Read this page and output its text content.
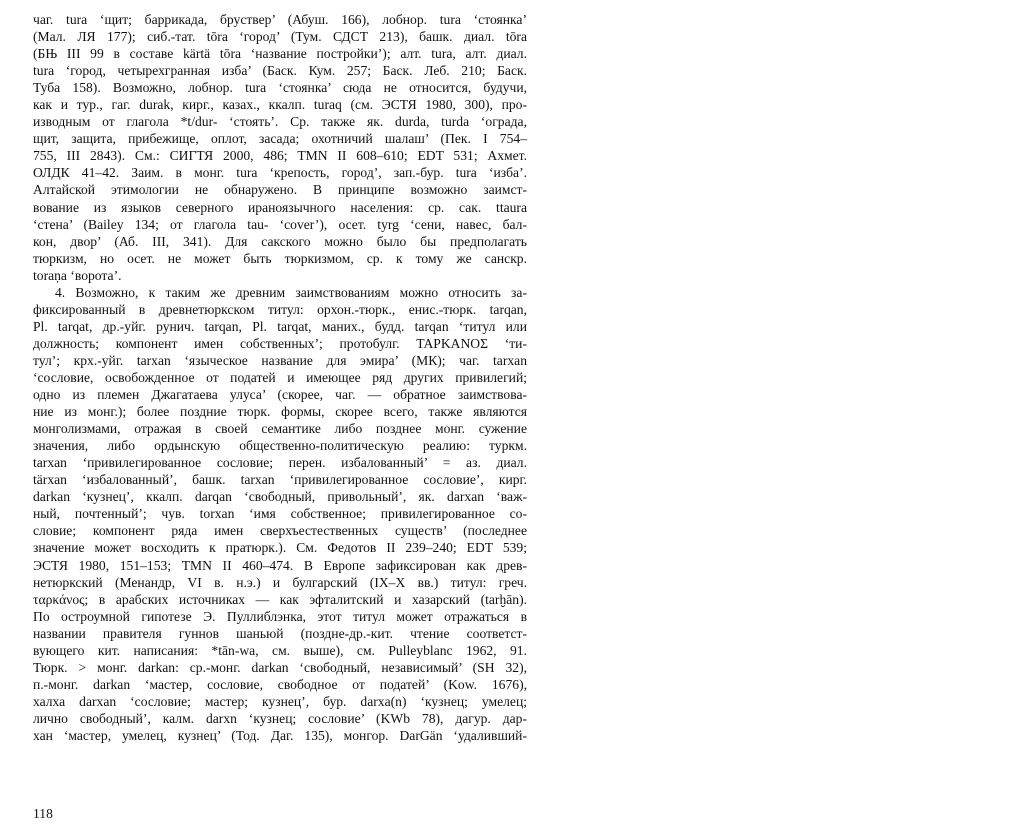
чаг. tura ‘щит; баррикада, бруствер’ (Абуш. 166), лобнор. tura ‘стоянка’
(Мал. ЛЯ 177); сиб.-тат. tōra ‘город’ (Тум. СДСТ 213), башк. диал. tōra
(БЊ III 99 в составе kärtä tōra ‘название постройки’); алт. tura, алт. диал.
tura ‘город, четырехгранная изба’ (Баск. Кум. 257; Баск. Леб. 210; Баск.
Туба 158). Возможно, лобнор. tura ‘стоянка’ сюда не относится, будучи,
как и тур., гаг. durak, кирг., казах., ккалп. turaq (см. ЭСТЯ 1980, 300), про-
изводным от глагола *t/dur- ‘стоять’. Ср. также як. durda, turda ‘ограда,
щит, защита, прибежище, оплот, засада; охотничий шалаш’ (Пек. I 754–
755, III 2843). См.: СИГТЯ 2000, 486; TMN II 608–610; EDT 531; Ахмет.
ОЛДК 41–42. Заим. в монг. tura ‘крепость, город’, зап.-бур. tura ‘изба’.
Алтайской этимологии не обнаружено. В принципе возможно заимст-
вование из языков северного ираноязычного населения: ср. сак. ttaura
‘стена’ (Bailey 134; от глагола tau- ‘cover’), осет. tyrg ‘сени, навес, бал-
кон, двор’ (Аб. III, 341). Для сакского можно было бы предполагать
тюркизм, но осет. не может быть тюркизмом, ср. к тому же санскр.
toraṇa ‘ворота’.
4. Возможно, к таким же древним заимствованиям можно относить за-
фиксированный в древнетюркском титул: орхон.-тюрк., енис.-тюрк. tarqan,
Pl. tarqat, др.-уйг. рунич. tarqan, Pl. tarqat, маних., будд. tarqan ‘титул или
должность; компонент имен собственных’; протобулг. ΤΑΡΚΑΝΟΣ ‘ти-
тул’; крх.-уйг. tarxan ‘языческое название для эмира’ (МК); чаг. tarxan
‘сословие, освобожденное от податей и имеющее ряд других привилегий;
одно из племен Джагатаева улуса’ (скорее, чаг. — обратное заимствова-
ние из монг.); более поздние тюрк. формы, скорее всего, также являются
монголизмами, отражая в своей семантике либо позднее монг. сужение
значения, либо ордынскую общественно-политическую реалию: туркм.
tarxan ‘привилегированное сословие; перен. избалованный’ = аз. диал.
tärxan ‘избалованный’, башк. tarxan ‘привилегированное сословие’, кирг.
darkan ‘кузнец’, ккалп. darqan ‘свободный, привольный’, як. darxan ‘важ-
ный, почтенный’; чув. torxan ‘имя собственное; привилегированное со-
словие; компонент ряда имен сверхъестественных существ’ (последнее
значение может восходить к пратюрк.). См. Федотов II 239–240; EDT 539;
ЭСТЯ 1980, 151–153; TMN II 460–474. В Европе зафиксирован как древ-
нетюркский (Менандр, VI в. н.э.) и булгарский (IX–X вв.) титул: греч.
ταρκάνος; в арабских источниках — как эфталитский и хазарский (tarḫān).
По остроумной гипотезе Э. Пуллиблэнка, этот титул может отражаться в
названии правителя гуннов шаньюй (поздне-др.-кит. чтение соответст-
вующего кит. написания: *tān-wa, см. выше), см. Pulleyblanc 1962, 91.
Тюрк. > монг. darkan: ср.-монг. darkan ‘свободный, независимый’ (SH 32),
п.-монг. darkan ‘мастер, сословие, свободное от податей’ (Kow. 1676),
халха darxan ‘сословие; мастер; кузнец’, бур. darxa(n) ‘кузнец; умелец;
лично свободный’, калм. darxn ‘кузнец; сословие’ (KWb 78), дагур. дар-
хан ‘мастер, умелец, кузнец’ (Тод. Даг. 135), монгор. DarGän ‘удаливший-
118
